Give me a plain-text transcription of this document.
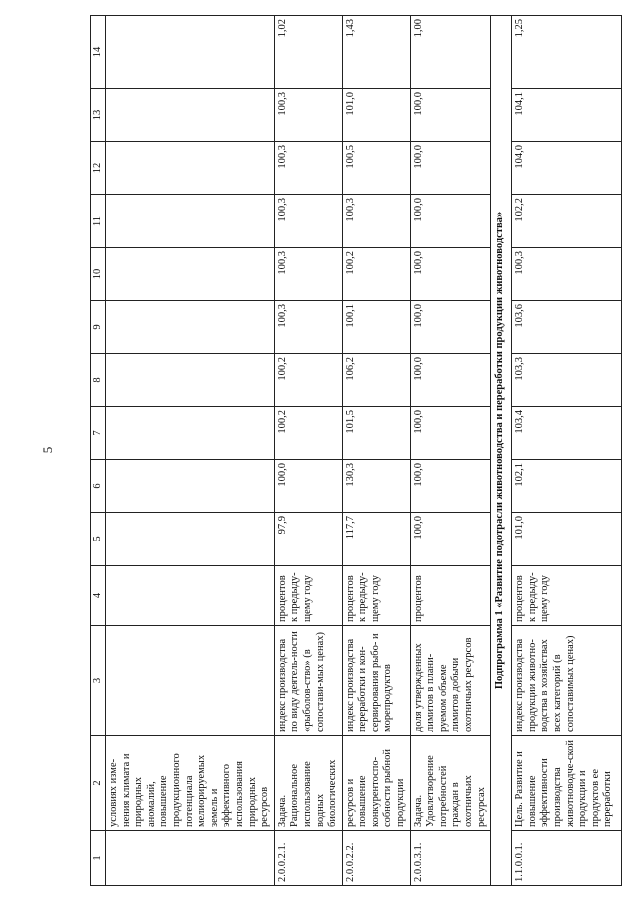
5
1	2	3	4	5	6	7	8	9	10	11	12	13	14
	условиях изме-нения климата и природных аномалий, повышение продукционного потенциала мелиорируемых земель и эффективного использования природных ресурсов												
2.0.0.2.1.	Задача. Рациональное использование водных биологических	индекс производства по виду деятель-ности «рыболов-ство» (в сопостави-мых ценах)	процентов к предыду-щему году	97,9	100,0	100,2	100,2	100,3	100,3	100,3	100,3	100,3	1,02
2.0.0.2.2.	ресурсов и повышение конкурентоспо-собности рыбной продукции	индекс производства переработки и кон-сервирования рыбо- и морепродуктов	процентов к предыду-щему году	117,7	130,3	101,5	106,2	100,1	100,2	100,3	100,5	101,0	1,43
2.0.0.3.1.	Задача. Удовлетворение потребностей граждан в охотничьих ресурсах	доля утвержденных лимитов в плани-руемом объеме лимитов добычи охотничьих ресурсов	процентов	100,0	100,0	100,0	100,0	100,0	100,0	100,0	100,0	100,0	1,00
Подпрограмма 1 «Развитие подотрасли животноводства и переработки продукции животноводства»													
1.1.0.0.1.	Цель. Развитие и повышение эффективности производства животноводче-ской продукции и продуктов ее переработки	индекс производства продукции животно-водства в хозяйствах всех категорий (в сопоставимых ценах)	процентов к предыду-щему году	101,0	102,1	103,4	103,3	103,6	100,3	102,2	104,0	104,1	1,25
